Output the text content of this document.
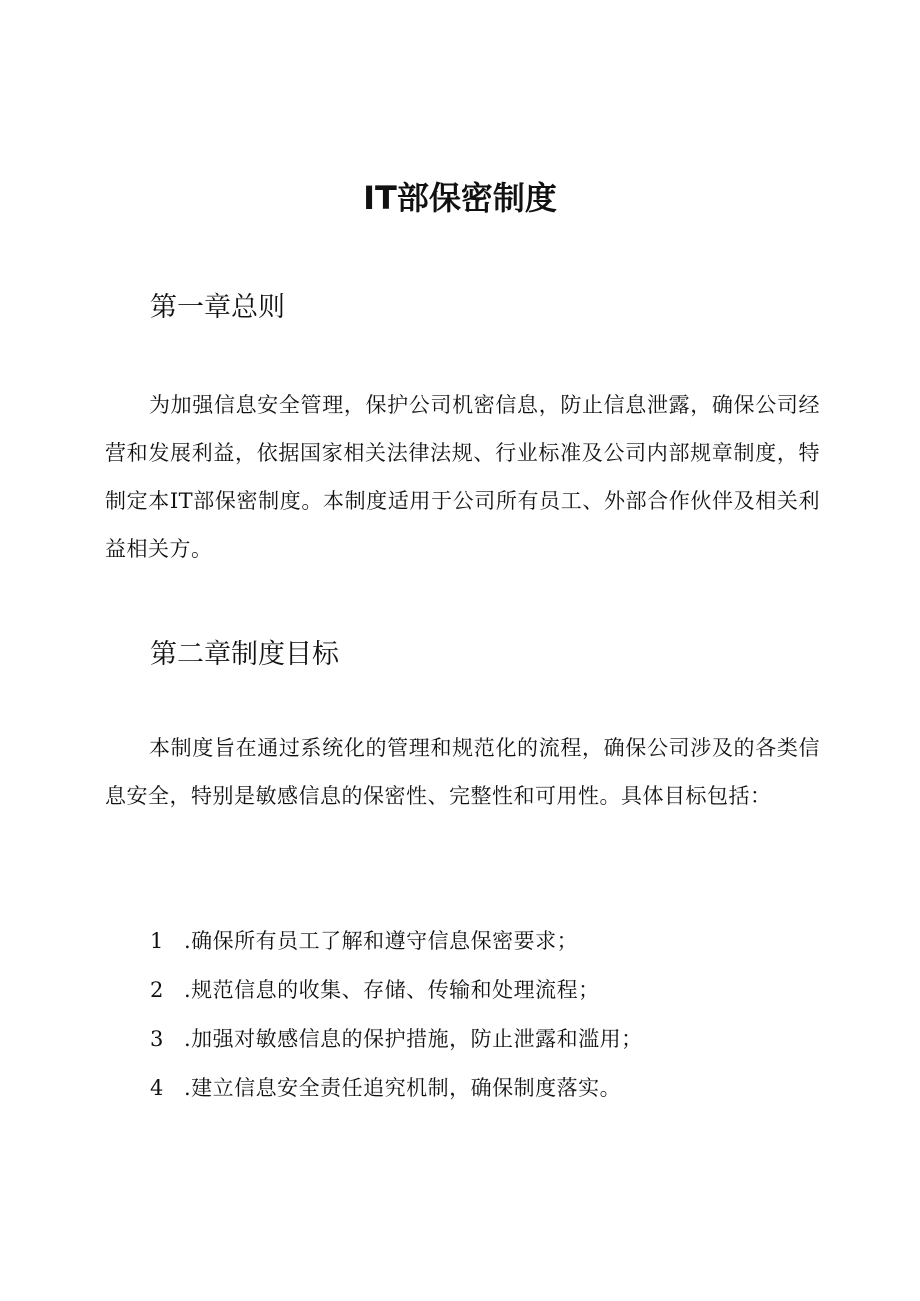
IT部保密制度
第一章总则

为加强信息安全管理，保护公司机密信息，防止信息泄露，确保公司经营和发展利益，依据国家相关法律法规、行业标准及公司内部规章制度，特制定本IT部保密制度。本制度适用于公司所有员工、外部合作伙伴及相关利益相关方。

第二章制度目标

本制度旨在通过系统化的管理和规范化的流程，确保公司涉及的各类信息安全，特别是敏感信息的保密性、完整性和可用性。具体目标包括：

1 .确保所有员工了解和遵守信息保密要求；
2 .规范信息的收集、存储、传输和处理流程；
3 .加强对敏感信息的保护措施，防止泄露和滥用；
4 .建立信息安全责任追究机制，确保制度落实。
